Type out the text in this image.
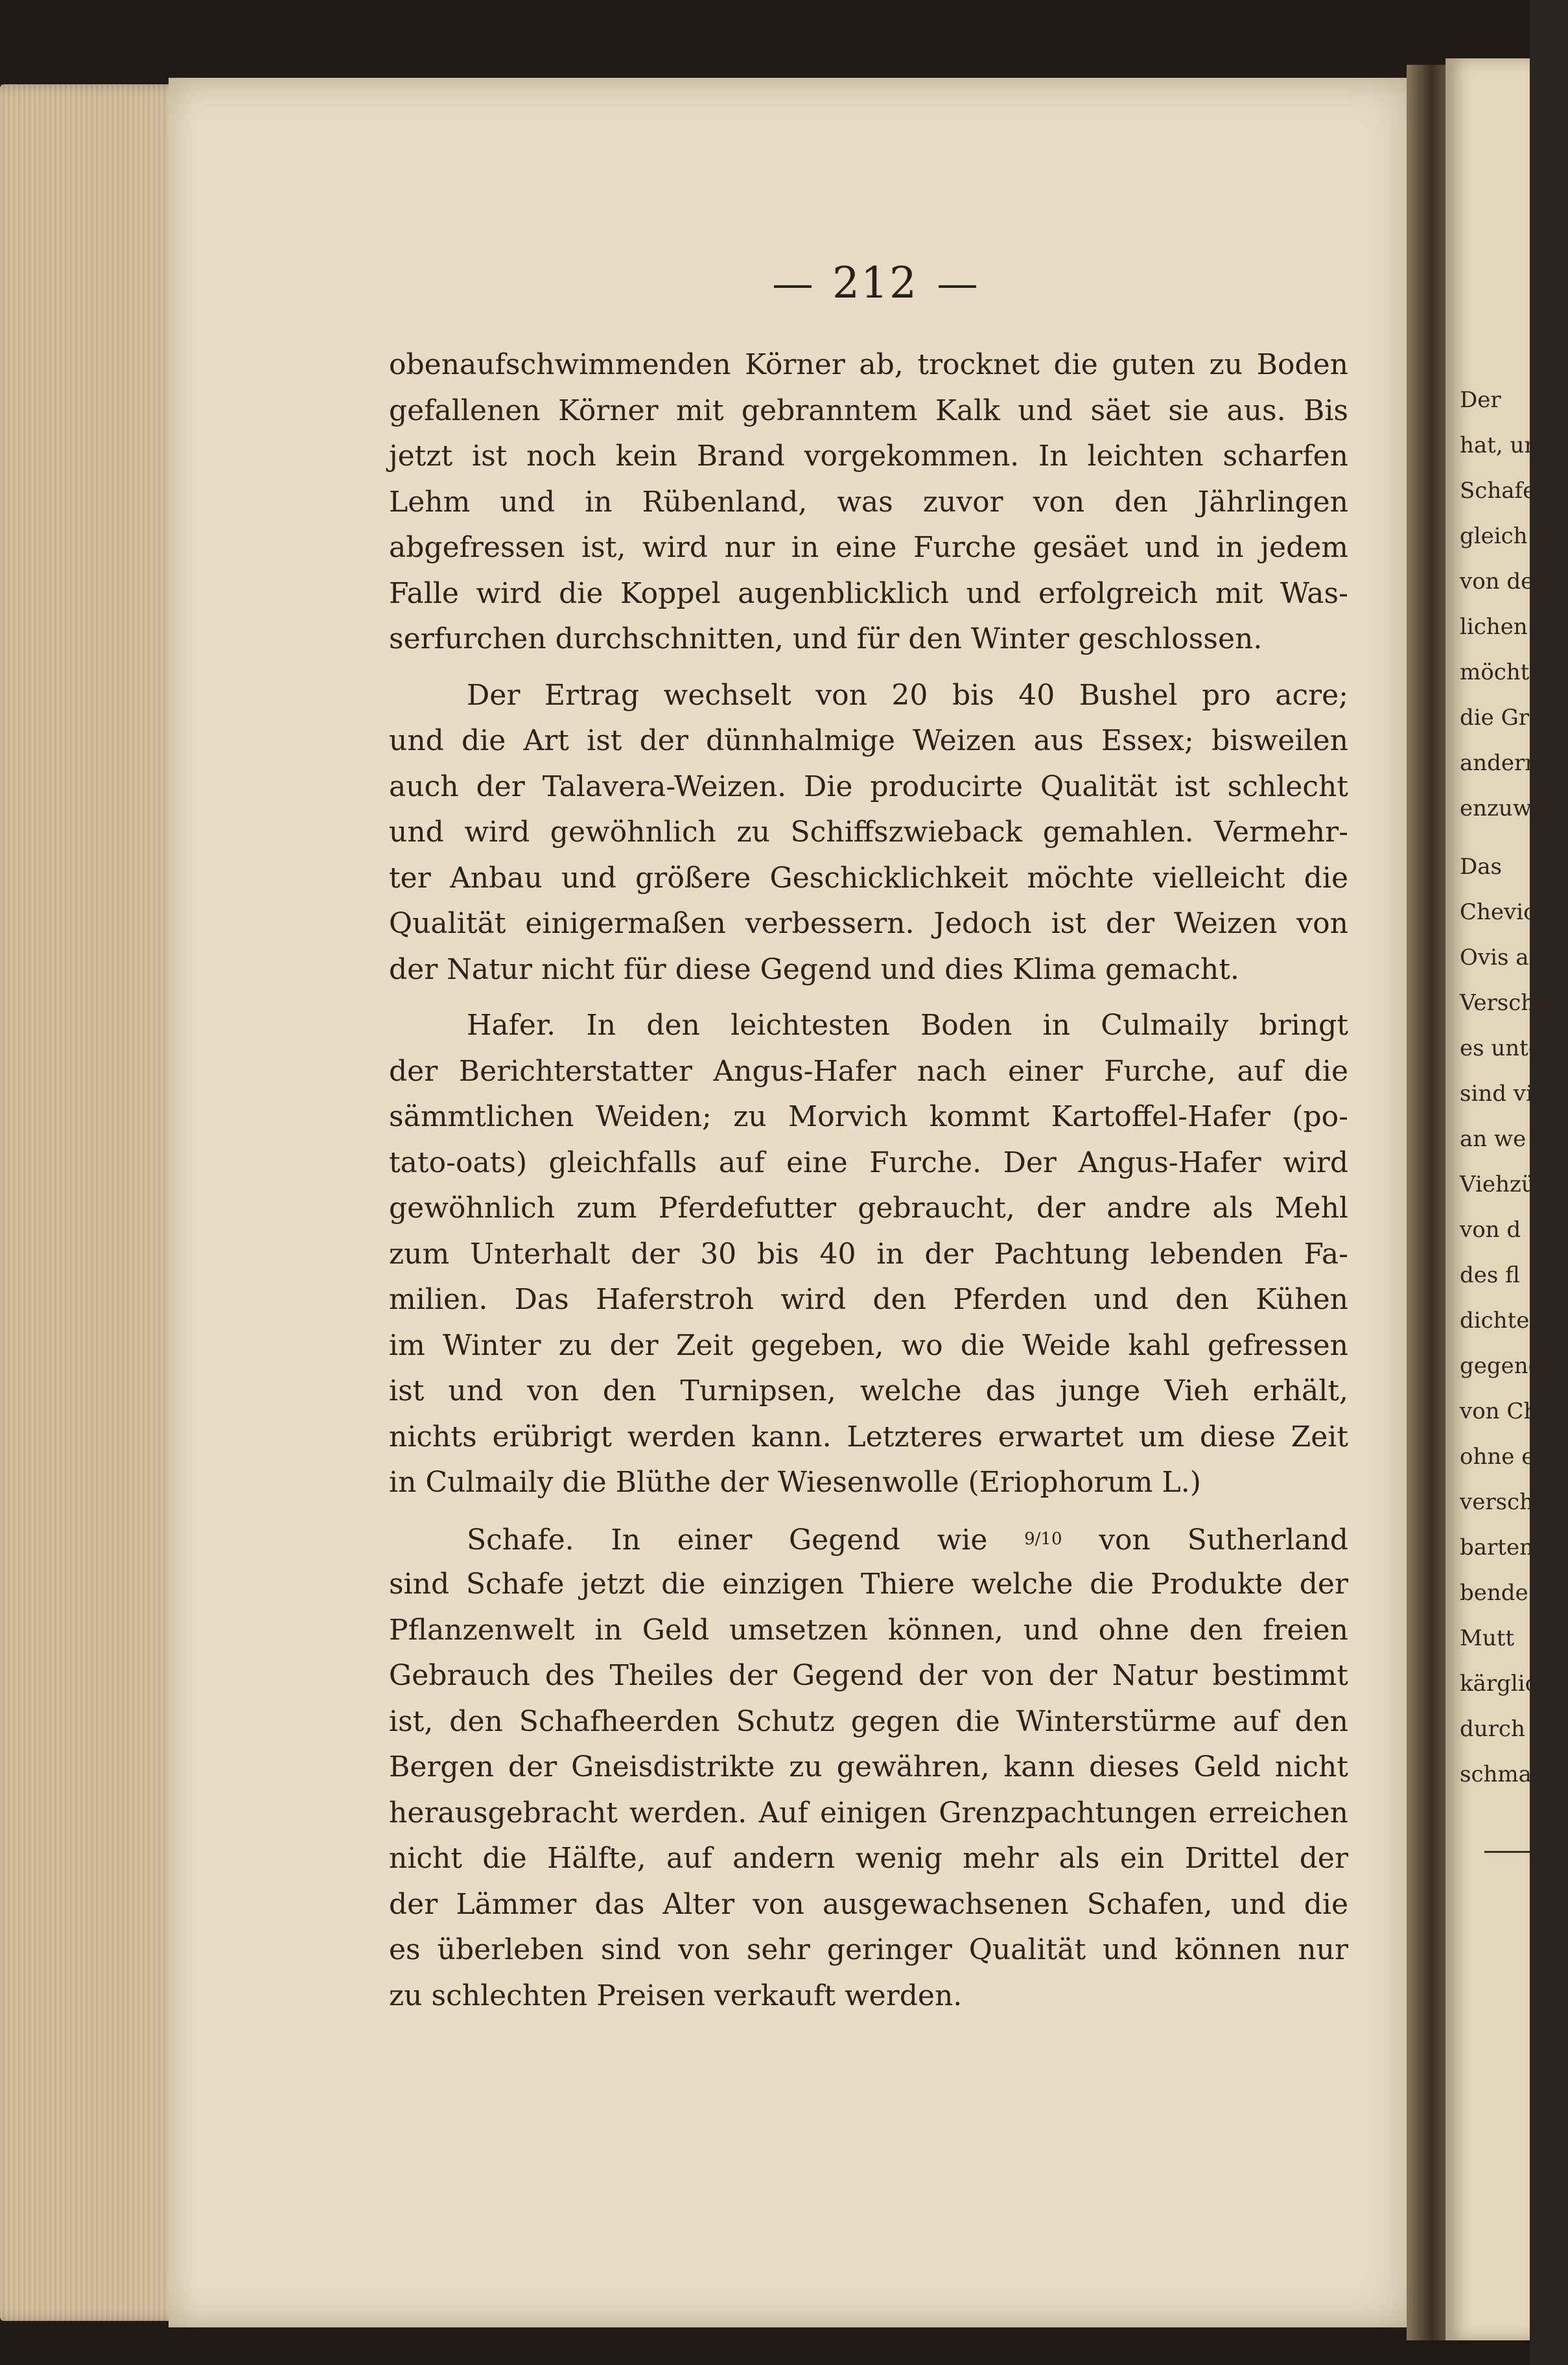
Der
hat, un
Schafe
gleich th
von der
lichen S
möchte,
die Grö
andern
enzuwen
Das
Cheviot-S
Ovis ar
Verschie
es unte
sind vie
an we
Viehzü
von d
des fl
dichten
gegende
von Ch
ohne ei
verschi
barten
bende
Mutt
kärglic
durch
schmal
212
obenaufschwimmenden Körner ab, trocknet die guten zu Boden
gefallenen Körner mit gebranntem Kalk und säet sie aus. Bis
jetzt ist noch kein Brand vorgekommen. In leichten scharfen
Lehm und in Rübenland, was zuvor von den Jährlingen
abgefressen ist, wird nur in eine Furche gesäet und in jedem
Falle wird die Koppel augenblicklich und erfolgreich mit Was-
serfurchen durchschnitten, und für den Winter geschlossen.
Der Ertrag wechselt von 20 bis 40 Bushel pro acre;
und die Art ist der dünnhalmige Weizen aus Essex; bisweilen
auch der Talavera-Weizen. Die producirte Qualität ist schlecht
und wird gewöhnlich zu Schiffszwieback gemahlen. Vermehr-
ter Anbau und größere Geschicklichkeit möchte vielleicht die
Qualität einigermaßen verbessern. Jedoch ist der Weizen von
der Natur nicht für diese Gegend und dies Klima gemacht.
Hafer. In den leichtesten Boden in Culmaily bringt
der Berichterstatter Angus-Hafer nach einer Furche, auf die
sämmtlichen Weiden; zu Morvich kommt Kartoffel-Hafer (po-
tato-oats) gleichfalls auf eine Furche. Der Angus-Hafer wird
gewöhnlich zum Pferdefutter gebraucht, der andre als Mehl
zum Unterhalt der 30 bis 40 in der Pachtung lebenden Fa-
milien. Das Haferstroh wird den Pferden und den Kühen
im Winter zu der Zeit gegeben, wo die Weide kahl gefressen
ist und von den Turnipsen, welche das junge Vieh erhält,
nichts erübrigt werden kann. Letzteres erwartet um diese Zeit
in Culmaily die Blüthe der Wiesenwolle (Eriophorum L.)
Schafe. In einer Gegend wie 9/10 von Sutherland
sind Schafe jetzt die einzigen Thiere welche die Produkte der
Pflanzenwelt in Geld umsetzen können, und ohne den freien
Gebrauch des Theiles der Gegend der von der Natur bestimmt
ist, den Schafheerden Schutz gegen die Winterstürme auf den
Bergen der Gneisdistrikte zu gewähren, kann dieses Geld nicht
herausgebracht werden. Auf einigen Grenzpachtungen erreichen
nicht die Hälfte, auf andern wenig mehr als ein Drittel der
der Lämmer das Alter von ausgewachsenen Schafen, und die
es überleben sind von sehr geringer Qualität und können nur
zu schlechten Preisen verkauft werden.
